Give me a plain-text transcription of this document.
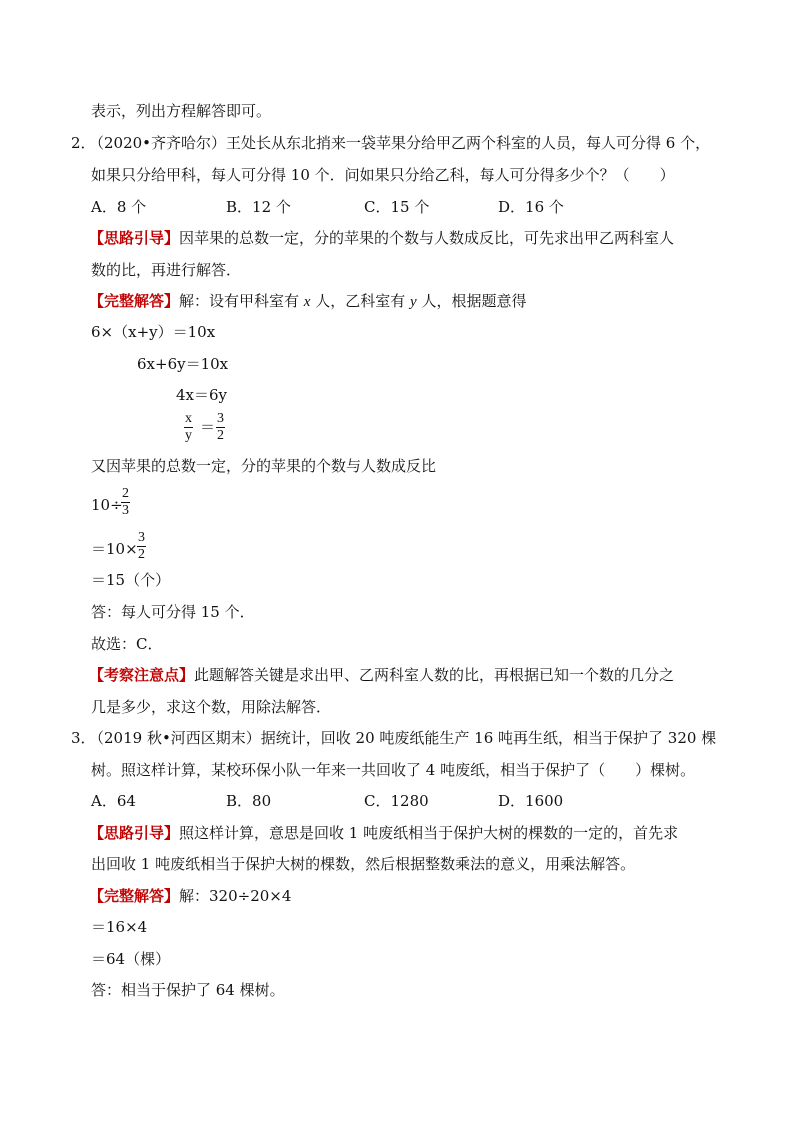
表示，列出方程解答即可。
2．
（2020•齐齐哈尔）王处长从东北捎来一袋苹果分给甲乙两个科室的人员，每人可分得 6 个，
如果只分给甲科，每人可分得 10 个．问如果只分给乙科，每人可分得多少个？（　　）
A．8 个	B．12 个	C．15 个	D．16 个
【思路引导】因苹果的总数一定，分的苹果的个数与人数成反比，可先求出甲乙两科室人
数的比，再进行解答．
【完整解答】解：设有甲科室有 x 人，乙科室有 y 人，根据题意得
6×（x+y）＝10x
6x+6y＝10x
4x＝6y
$\frac{x}{y} = \frac{3}{2}$
又因苹果的总数一定，分的苹果的个数与人数成反比
10÷
$\frac{2}{3}$
$=10\times \frac{3}{2}$
＝15（个）
答：每人可分得 15 个．
故选：C．
【考察注意点】此题解答关键是求出甲、乙两科室人数的比，再根据已知一个数的几分之
几是多少，求这个数，用除法解答．
3．
（2019 秋•河西区期末）据统计，回收 20 吨废纸能生产 16 吨再生纸，相当于保护了 320 棵
树。照这样计算，某校环保小队一年来一共回收了 4 吨废纸，相当于保护了（　　）棵树。
A．64	B．80	C．1280	D．1600
【思路引导】照这样计算，意思是回收 1 吨废纸相当于保护大树的棵数的一定的，首先求
出回收 1 吨废纸相当于保护大树的棵数，然后根据整数乘法的意义，用乘法解答。
【完整解答】解：320÷20×4
＝16×4
＝64（棵）
答：相当于保护了 64 棵树。
